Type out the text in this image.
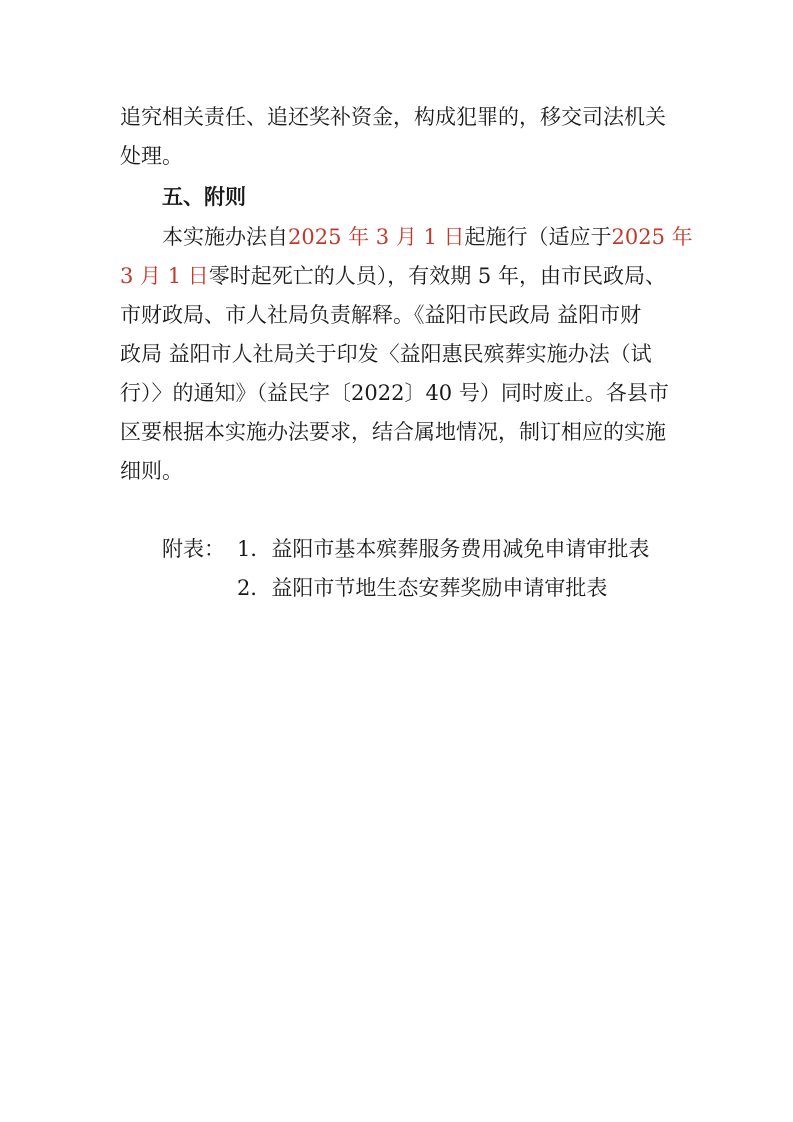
追究相关责任、追还奖补资金，构成犯罪的，移交司法机关
处理。
五、附则
本实施办法自2025 年 3 月 1 日起施行（适应于2025 年
3 月 1 日零时起死亡的人员），有效期 5 年，由市民政局、
市财政局、市人社局负责解释。《益阳市民政局 益阳市财
政局 益阳市人社局关于印发〈益阳惠民殡葬实施办法（试
行）〉的通知》（益民字〔2022〕40 号）同时废止。各县市
区要根据本实施办法要求，结合属地情况，制订相应的实施
细则。
附表： 1．益阳市基本殡葬服务费用减免申请审批表
2．益阳市节地生态安葬奖励申请审批表
